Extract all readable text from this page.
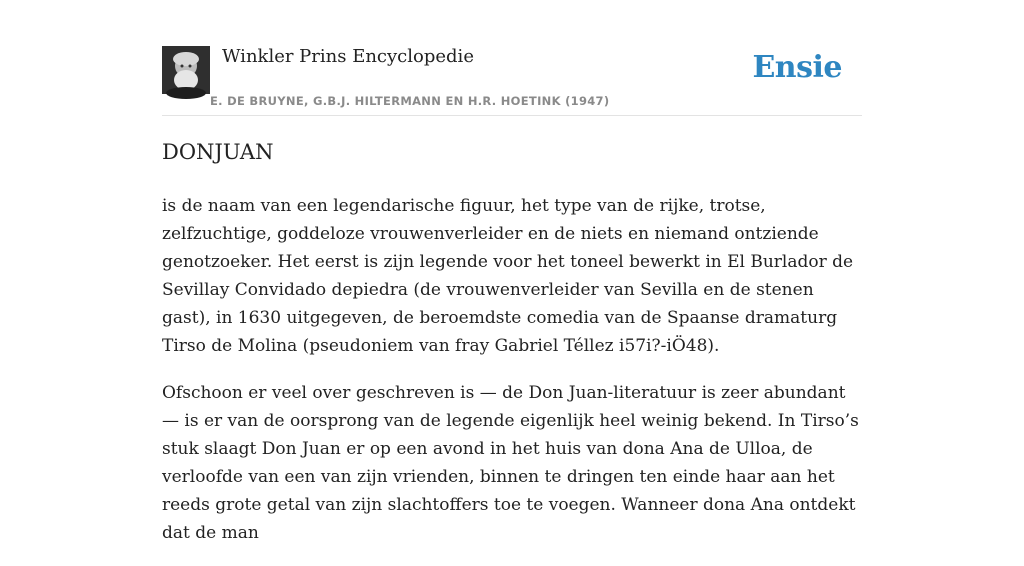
Winkler Prins Encyclopedie
E. DE BRUYNE, G.B.J. HILTERMANN EN H.R. HOETINK (1947)
Ensie
DONJUAN

is de naam van een legendarische figuur, het type van de rijke, trotse, zelfzuchtige, goddeloze vrouwenverleider en de niets en niemand ontziende genotzoeker. Het eerst is zijn legende voor het toneel bewerkt in El Burlador de Sevillay Convidado depiedra (de vrouwenverleider van Sevilla en de stenen gast), in 1630 uitgegeven, de beroemdste comedia van de Spaanse dramaturg Tirso de Molina (pseudoniem van fray Gabriel Téllez i57i?-iÖ48).

Ofschoon er veel over geschreven is — de Don Juan-literatuur is zeer abundant — is er van de oorsprong van de legende eigenlijk heel weinig bekend. In Tirso’s stuk slaagt Don Juan er op een avond in het huis van dona Ana de Ulloa, de verloofde van een van zijn vrienden, binnen te dringen ten einde haar aan het reeds grote getal van zijn slachtoffers toe te voegen. Wanneer dona Ana ontdekt dat de man
